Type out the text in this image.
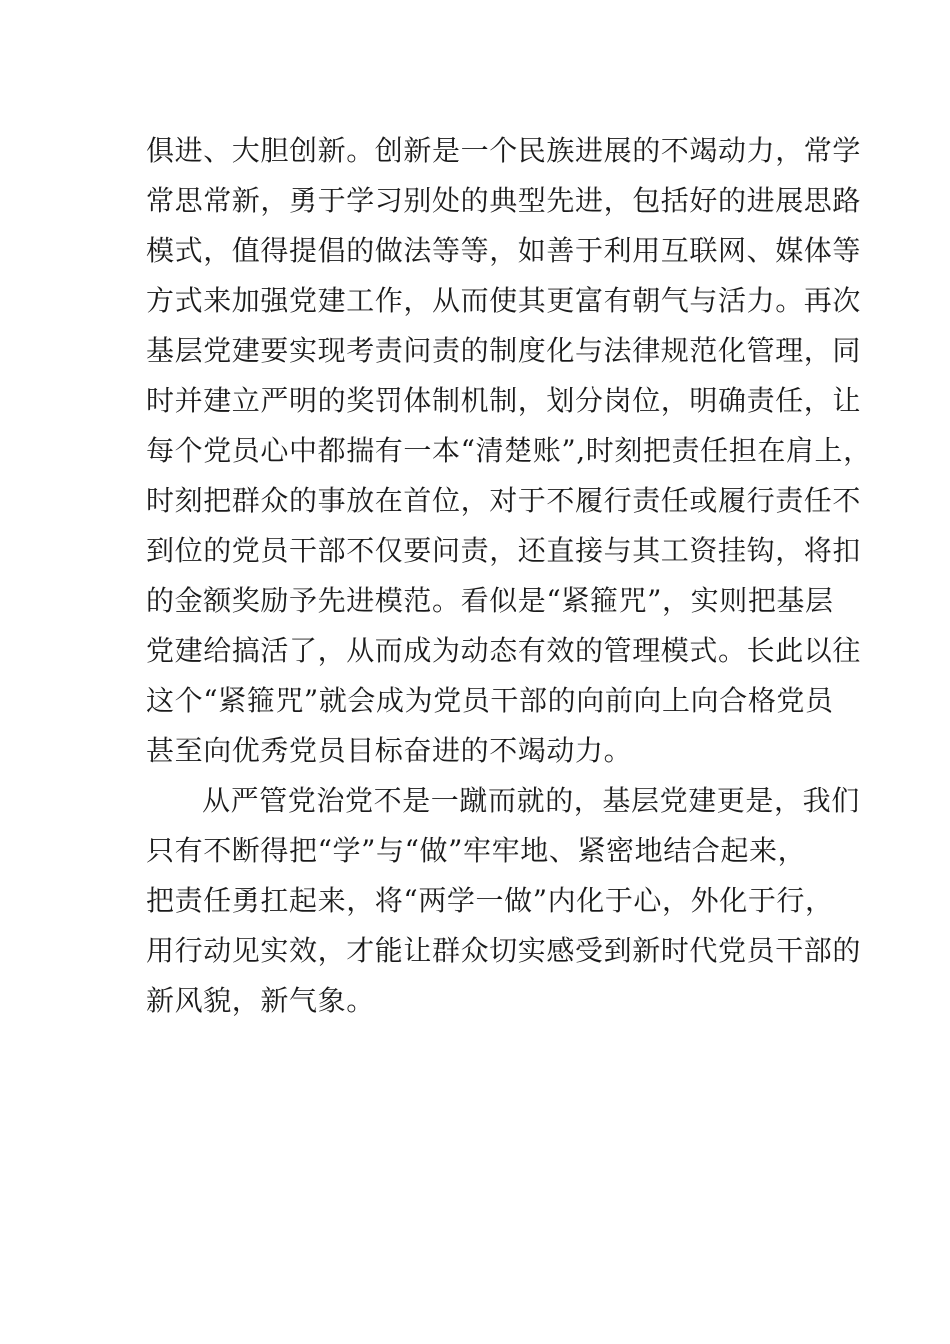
俱进、大胆创新。创新是一个民族进展的不竭动力，常学
常思常新，勇于学习别处的典型先进，包括好的进展思路
模式，值得提倡的做法等等，如善于利用互联网、媒体等
方式来加强党建工作，从而使其更富有朝气与活力。再次
基层党建要实现考责问责的制度化与法律规范化管理，同
时并建立严明的奖罚体制机制，划分岗位，明确责任，让
每个党员心中都揣有一本“清楚账”,时刻把责任担在肩上，
时刻把群众的事放在首位，对于不履行责任或履行责任不
到位的党员干部不仅要问责，还直接与其工资挂钩，将扣
的金额奖励予先进模范。看似是“紧箍咒”，实则把基层
党建给搞活了，从而成为动态有效的管理模式。长此以往
这个“紧箍咒”就会成为党员干部的向前向上向合格党员
甚至向优秀党员目标奋进的不竭动力。
从严管党治党不是一蹴而就的，基层党建更是，我们
只有不断得把“学”与“做”牢牢地、紧密地结合起来，
把责任勇扛起来，将“两学一做”内化于心，外化于行，
用行动见实效，才能让群众切实感受到新时代党员干部的
新风貌，新气象。
